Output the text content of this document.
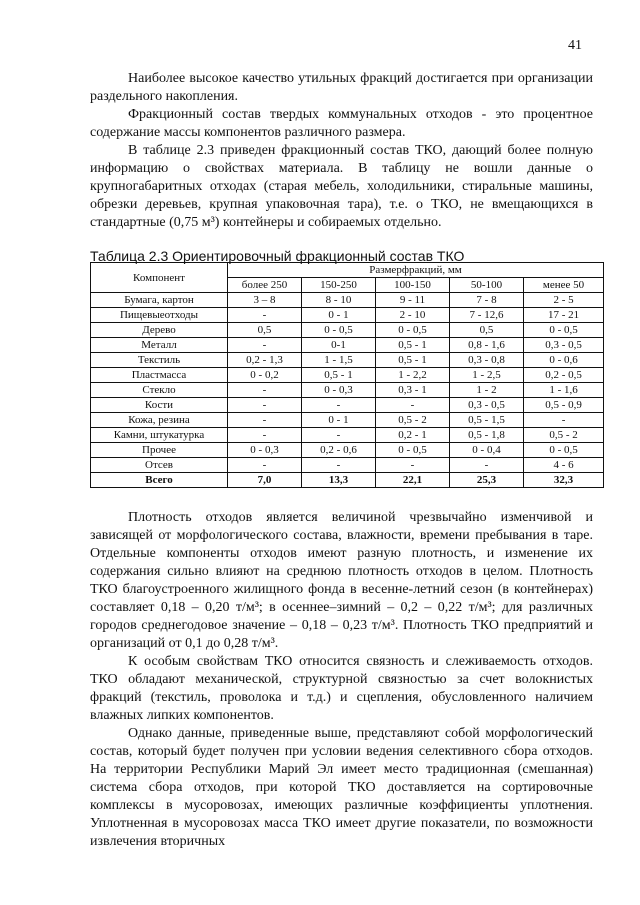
41

Наиболее высокое качество утильных фракций достигается при организации раздельного накопления.

Фракционный состав твердых коммунальных отходов - это процентное содержание массы компонентов различного размера.

В таблице 2.3 приведен фракционный состав ТКО, дающий более полную информацию о свойствах материала. В таблицу не вошли данные о крупногабаритных отходах (старая мебель, холодильники, стиральные машины, обрезки деревьев, крупная упаковочная тара), т.е. о ТКО, не вмещающихся в стандартные (0,75 м³) контейнеры и собираемых отдельно.

Таблица 2.3 Ориентировочный фракционный состав ТКО
Компонент	Размерфракций, мм				
	более 250	150-250	100-150	50-100	менее 50
Бумага, картон	3 – 8	8 - 10	9 - 11	7 - 8	2 - 5
Пищевыеотходы	-	0 - 1	2 - 10	7 - 12,6	17 - 21
Дерево	0,5	0 - 0,5	0 - 0,5	0,5	0 - 0,5
Металл	-	0-1	0,5 - 1	0,8 - 1,6	0,3 - 0,5
Текстиль	0,2 - 1,3	1 - 1,5	0,5 - 1	0,3 - 0,8	0 - 0,6
Пластмасса	0 - 0,2	0,5 - 1	1 - 2,2	1 - 2,5	0,2 - 0,5
Стекло	-	0 - 0,3	0,3 - 1	1 - 2	1 - 1,6
Кости	-	-	-	0,3 - 0,5	0,5 - 0,9
Кожа, резина	-	0 - 1	0,5 - 2	0,5 - 1,5	-
Камни, штукатурка	-	-	0,2 - 1	0,5 - 1,8	0,5 - 2
Прочее	0 - 0,3	0,2 - 0,6	0 - 0,5	0 - 0,4	0 - 0,5
Отсев	-	-	-	-	4 - 6
Всего	7,0	13,3	22,1	25,3	32,3

Плотность отходов является величиной чрезвычайно изменчивой и зависящей от морфологического состава, влажности, времени пребывания в таре. Отдельные компоненты отходов имеют разную плотность, и изменение их содержания сильно влияют на среднюю плотность отходов в целом. Плотность ТКО благоустроенного жилищного фонда в весенне-летний сезон (в контейнерах) составляет 0,18 – 0,20 т/м³; в осеннее–зимний – 0,2 – 0,22 т/м³; для различных городов среднегодовое значение – 0,18 – 0,23 т/м³. Плотность ТКО предприятий и организаций от 0,1 до 0,28 т/м³.

К особым свойствам ТКО относится связность и слеживаемость отходов. ТКО обладают механической, структурной связностью за счет волокнистых фракций (текстиль, проволока и т.д.) и сцепления, обусловленного наличием влажных липких компонентов.

Однако данные, приведенные выше, представляют собой морфологический состав, который будет получен при условии ведения селективного сбора отходов. На территории Республики Марий Эл имеет место традиционная (смешанная) система сбора отходов, при которой ТКО доставляется на сортировочные комплексы в мусоровозах, имеющих различные коэффициенты уплотнения. Уплотненная в мусоровозах масса ТКО имеет другие показатели, по возможности извлечения вторичных
